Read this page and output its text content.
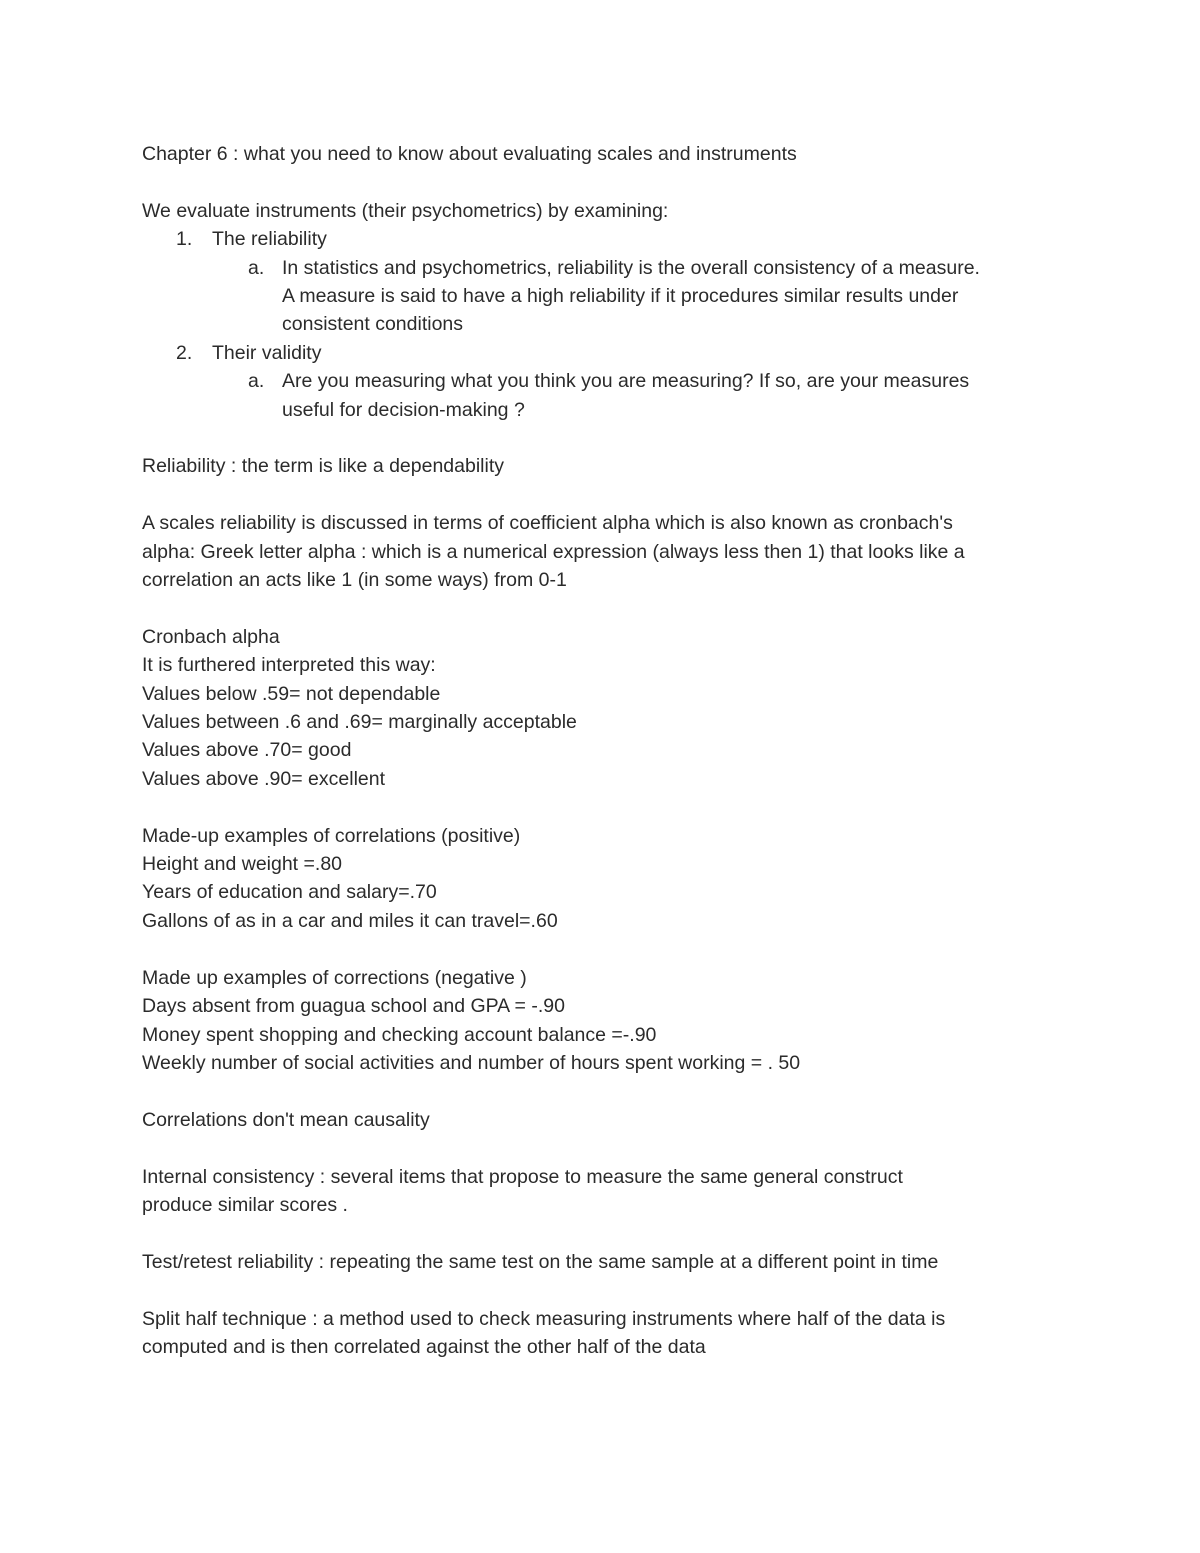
Chapter 6 : what you need to know about evaluating scales and instruments
We evaluate instruments (their psychometrics) by examining:
1. The reliability
a. In statistics and psychometrics, reliability is the overall consistency of a measure.
A measure is said to have a high reliability if it procedures similar results under
consistent conditions
2. Their validity
a. Are you measuring what you think you are measuring? If so, are your measures
useful for decision-making ?
Reliability : the term is like a dependability
A scales reliability is discussed in terms of coefficient alpha which is also known as cronbach's
alpha: Greek letter alpha : which is a numerical expression (always less then 1) that looks like a
correlation an acts like 1 (in some ways) from 0-1
Cronbach alpha
It is furthered interpreted this way:
Values below .59= not dependable
Values between .6 and .69= marginally acceptable
Values above .70= good
Values above .90= excellent
Made-up examples of correlations (positive)
Height and weight =.80
Years of education and salary=.70
Gallons of as in a car and miles it can travel=.60
Made up examples of corrections (negative )
Days absent from guagua school and GPA = -.90
Money spent shopping and checking account balance =-.90
Weekly number of social activities and number of hours spent working = . 50
Correlations don't mean causality
Internal consistency : several items that propose to measure the same general construct
produce similar scores .
Test/retest reliability : repeating the same test on the same sample at a different point in time
Split half technique : a method used to check measuring instruments where half of the data is
computed and is then correlated against the other half of the data
